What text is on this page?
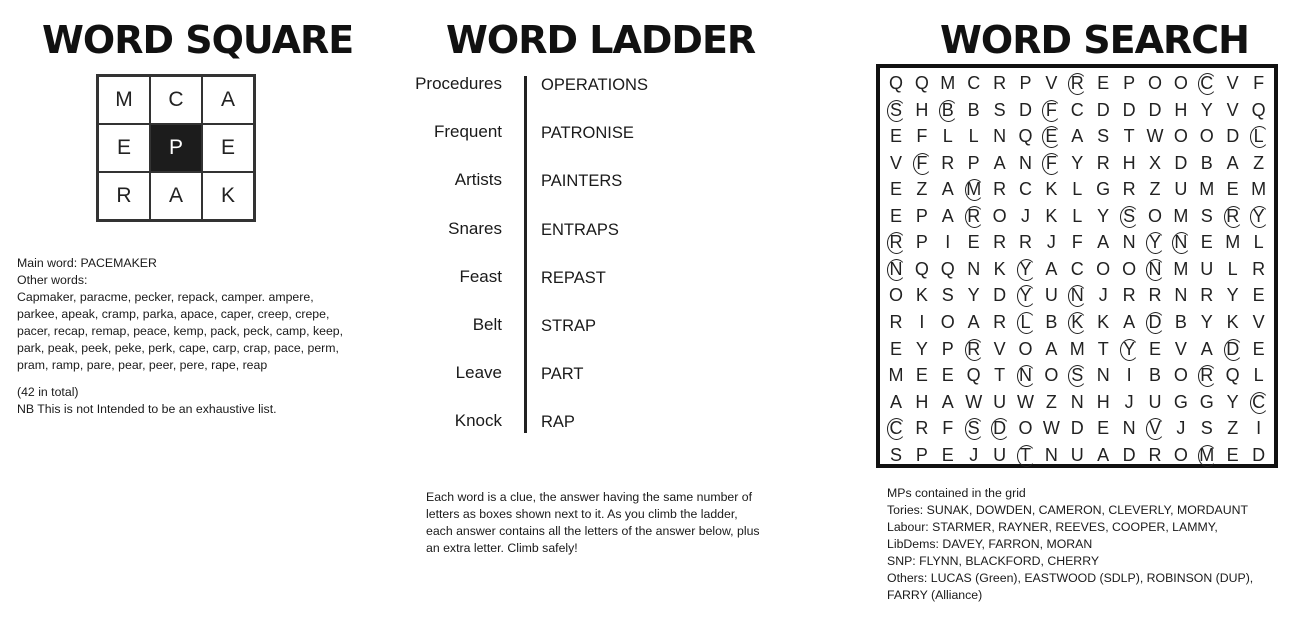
WORD SQUARE
M	C	A
E	P	E
R	A	K

Main word: PACEMAKER

Other words:

Capmaker, paracme, pecker, repack, camper. ampere, parkee, apeak, cramp, parka, apace, caper, creep, crepe, pacer, recap, remap, peace, kemp, pack, peck, camp, keep, park, peak, peek, peke, perk, cape, carp, crap, pace, perm, pram, ramp, pare, pear, peer, pere, rape, reap

(42 in total)

NB This is not Intended to be an exhaustive list.

WORD LADDER
Procedures OPERATIONS
Frequent PATRONISE
Artists PAINTERS
Snares ENTRAPS
Feast REPAST
Belt STRAP
Leave PART
Knock RAP

Each word is a clue, the answer having the same number of letters as boxes shown next to it. As you climb the ladder, each answer contains all the letters of the answer below, plus an extra letter. Climb safely!

WORD SEARCH
Q Q M C R P V R E P O O C V F
S H B B S D F C D D D H Y V Q
E F L L N Q E A S T W O O D L
V F R P A N F Y R H X D B A Z
E Z A M R C K L G R Z U M E M
E P A R O J K L Y S O M S R Y
R P I E R R J F A N Y N E M L
N Q Q N K Y A C O O N M U L R
O K S Y D Y U N J R R N R Y E
R I O A R L B K K A D B Y K V
E Y P R V O A M T Y E V A D E
M E E Q T N O S N I B O R Q L
A H A W U W Z N H J U G G Y C
C R F S D O W D E N V J S Z I
S P E J U T N U A D R O M E D

MPs contained in the grid

Tories: SUNAK, DOWDEN, CAMERON, CLEVERLY, MORDAUNT

Labour: STARMER, RAYNER, REEVES, COOPER, LAMMY,

LibDems: DAVEY, FARRON, MORAN

SNP: FLYNN, BLACKFORD, CHERRY

Others: LUCAS (Green), EASTWOOD (SDLP), ROBINSON (DUP),

FARRY (Alliance)
